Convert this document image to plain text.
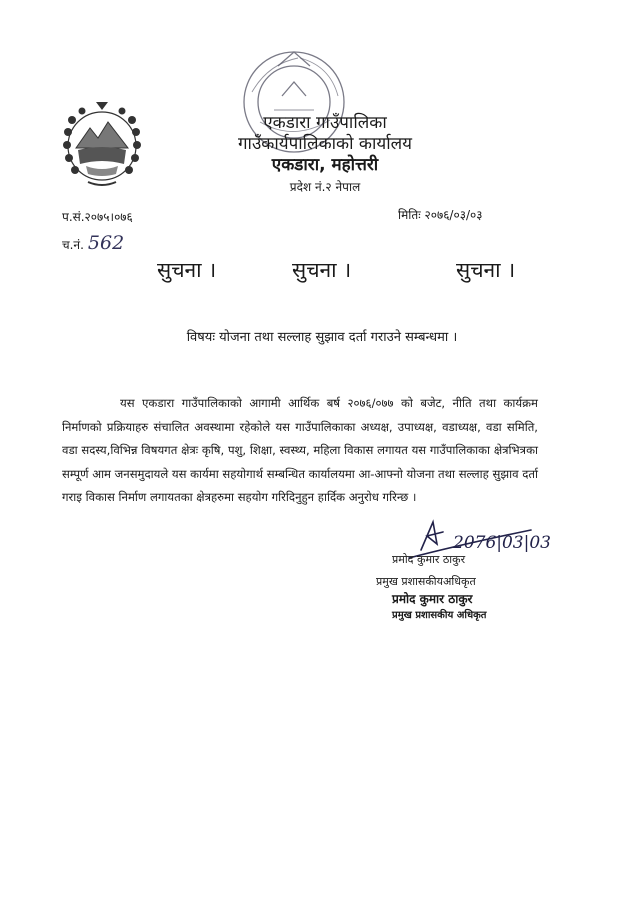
एकडारा गाउँपालिका
गाउँकार्यपालिकाको कार्यालय
एकडारा, महोत्तरी
प्रदेश नं.२ नेपाल
प.सं.२०७५।०७६	मितिः २०७६/०३/०३
च.नं. 562
सुचना ।	सुचना ।	सुचना ।
विषयः योजना तथा सल्लाह सुझाव दर्ता गराउने सम्बन्धमा ।

यस एकडारा गाउँपालिकाको आगामी आर्थिक बर्ष २०७६/०७७ को बजेट, नीति तथा कार्यक्रम निर्माणको प्रक्रियाहरु संचालित अवस्थामा रहेकोले यस गाउँपालिकाका अध्यक्ष, उपाध्यक्ष, वडाध्यक्ष, वडा समिति, वडा सदस्य,विभिन्न विषयगत क्षेत्रः कृषि, पशु, शिक्षा, स्वस्थ्य, महिला विकास लगायत यस गाउँपालिकाका क्षेत्रभित्रका सम्पूर्ण आम जनसमुदायले यस कार्यमा सहयोगार्थ सम्बन्धित कार्यालयमा आ-आफ्नो योजना तथा सल्लाह सुझाव दर्ता गराइ विकास निर्माण लगायतका क्षेत्रहरुमा सहयोग गरिदिनुहुन हार्दिक अनुरोध गरिन्छ ।

2076|03|03
प्रमोद कुमार ठाकुर
प्रमुख प्रशासकीयअधिकृत
प्रमोद कुमार ठाकुर
प्रमुख प्रशासकीय अधिकृत
